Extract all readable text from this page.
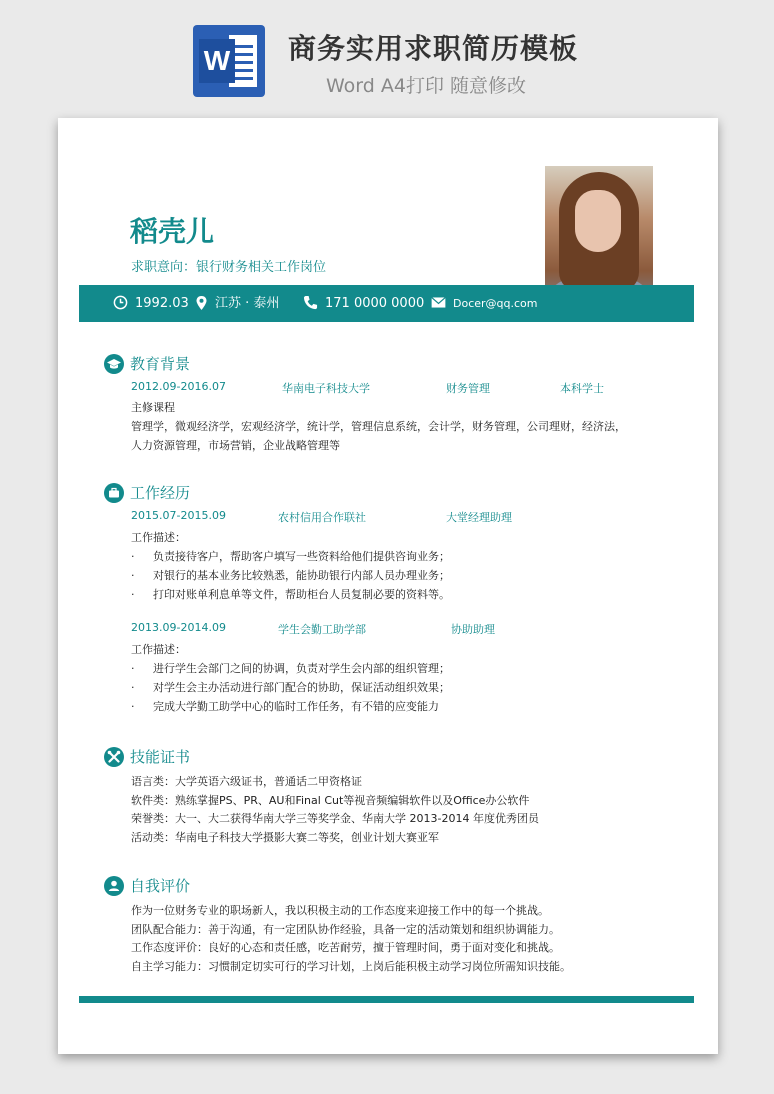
W 商务实用求职简历模板
Word A4打印 随意修改
稻壳儿
求职意向：银行财务相关工作岗位
1992.03	江苏 · 泰州	171 0000 0000	Docer@qq.com
教育背景
2012.09-2016.07	华南电子科技大学	财务管理	本科学士
主修课程
管理学，微观经济学，宏观经济学，统计学，管理信息系统，会计学，财务管理，公司理财，经济法，
人力资源管理，市场营销，企业战略管理等
工作经历
2015.07-2015.09	农村信用合作联社	大堂经理助理
工作描述：
· 负责接待客户，帮助客户填写一些资料给他们提供咨询业务；
· 对银行的基本业务比较熟悉，能协助银行内部人员办理业务；
· 打印对账单利息单等文件，帮助柜台人员复制必要的资料等。
2013.09-2014.09	学生会勤工助学部	协助助理
工作描述：
· 进行学生会部门之间的协调，负责对学生会内部的组织管理；
· 对学生会主办活动进行部门配合的协助，保证活动组织效果；
· 完成大学勤工助学中心的临时工作任务，有不错的应变能力
技能证书
语言类：大学英语六级证书，普通话二甲资格证
软件类：熟练掌握PS、PR、AU和Final Cut等视音频编辑软件以及Office办公软件
荣誉类：大一、大二获得华南大学三等奖学金、华南大学 2013-2014 年度优秀团员
活动类：华南电子科技大学摄影大赛二等奖，创业计划大赛亚军
自我评价
作为一位财务专业的职场新人，我以积极主动的工作态度来迎接工作中的每一个挑战。
团队配合能力：善于沟通，有一定团队协作经验，具备一定的活动策划和组织协调能力。
工作态度评价：良好的心态和责任感，吃苦耐劳，擅于管理时间，勇于面对变化和挑战。
自主学习能力：习惯制定切实可行的学习计划，上岗后能积极主动学习岗位所需知识技能。
